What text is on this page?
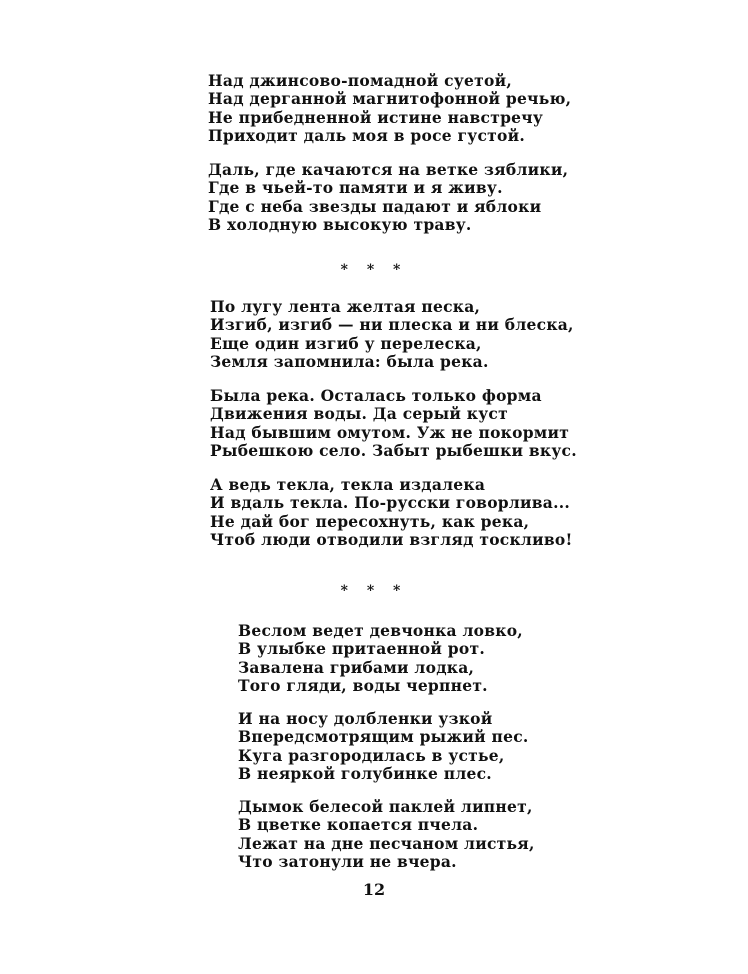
Над джинсово-помадной суетой,
Над дерганной магнитофонной речью,
Не прибедненной истине навстречу
Приходит даль моя в росе густой.
Даль, где качаются на ветке зяблики,
Где в чьей-то памяти и я живу.
Где с неба звезды падают и яблоки
В холодную высокую траву.
* * *
По лугу лента желтая песка,
Изгиб, изгиб — ни плеска и ни блеска,
Еще один изгиб у перелеска,
Земля запомнила: была река.
Была река. Осталась только форма
Движения воды. Да серый куст
Над бывшим омутом. Уж не покормит
Рыбешкою село. Забыт рыбешки вкус.
А ведь текла, текла издалека
И вдаль текла. По-русски говорлива...
Не дай бог пересохнуть, как река,
Чтоб люди отводили взгляд тоскливо!
* * *
Веслом ведет девчонка ловко,
В улыбке притаенной рот.
Завалена грибами лодка,
Того гляди, воды черпнет.
И на носу долбленки узкой
Впередсмотрящим рыжий пес.
Куга разгородилась в устье,
В неяркой голубинке плес.
Дымок белесой паклей липнет,
В цветке копается пчела.
Лежат на дне песчаном листья,
Что затонули не вчера.
12
